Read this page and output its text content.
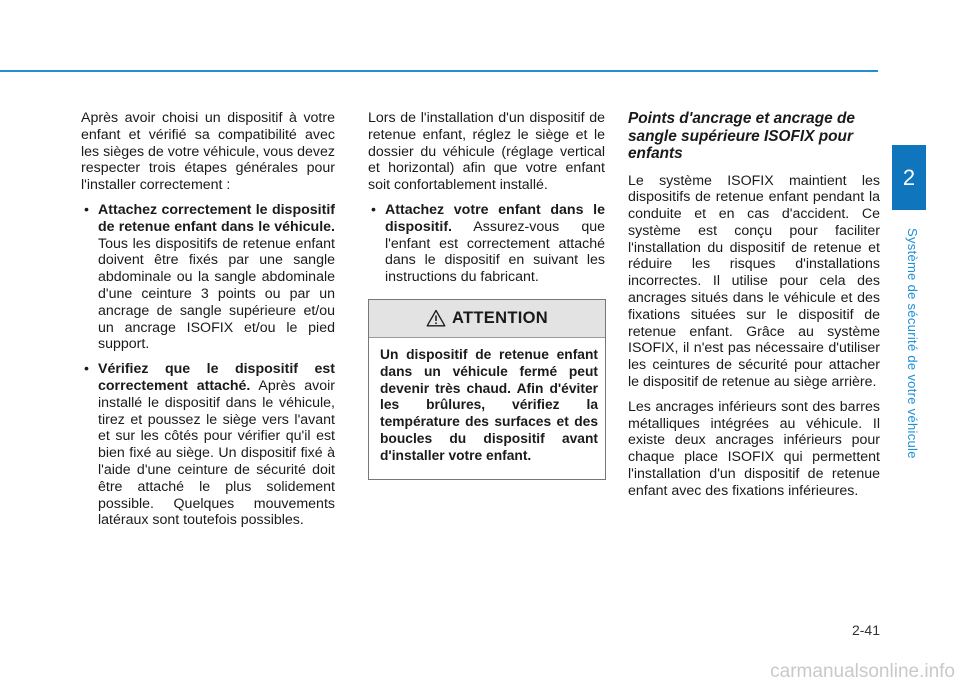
2
Système de sécurité de votre véhicule

Après avoir choisi un dispositif à votre enfant et vérifié sa compatibilité avec les sièges de votre véhicule, vous devez respecter trois étapes générales pour l'installer correctement :

• Attachez correctement le dispositif de retenue enfant dans le véhicule. Tous les dispositifs de retenue enfant doivent être fixés par une sangle abdominale ou la sangle abdominale d'une ceinture 3 points ou par un ancrage de sangle supérieure et/ou un ancrage ISOFIX et/ou le pied support.
• Vérifiez que le dispositif est correctement attaché. Après avoir installé le dispositif dans le véhicule, tirez et poussez le siège vers l'avant et sur les côtés pour vérifier qu'il est bien fixé au siège. Un dispositif fixé à l'aide d'une ceinture de sécurité doit être attaché le plus solidement possible. Quelques mouvements latéraux sont toutefois possibles.

Lors de l'installation d'un dispositif de retenue enfant, réglez le siège et le dossier du véhicule (réglage vertical et horizontal) afin que votre enfant soit confortablement installé.

• Attachez votre enfant dans le dispositif. Assurez-vous que l'enfant est correctement attaché dans le dispositif en suivant les instructions du fabricant.
ATTENTION
Un dispositif de retenue enfant dans un véhicule fermé peut devenir très chaud. Afin d'éviter les brûlures, vérifiez la température des surfaces et des boucles du dispositif avant d'installer votre enfant.
Points d'ancrage et ancrage de sangle supérieure ISOFIX pour enfants

Le système ISOFIX maintient les dispositifs de retenue enfant pendant la conduite et en cas d'accident. Ce système est conçu pour faciliter l'installation du dispositif de retenue et réduire les risques d'installations incorrectes. Il utilise pour cela des ancrages situés dans le véhicule et des fixations situées sur le dispositif de retenue enfant. Grâce au système ISOFIX, il n'est pas nécessaire d'utiliser les ceintures de sécurité pour attacher le dispositif de retenue au siège arrière.

Les ancrages inférieurs sont des barres métalliques intégrées au véhicule. Il existe deux ancrages inférieurs pour chaque place ISOFIX qui permettent l'installation d'un dispositif de retenue enfant avec des fixations inférieures.

2-41
carmanualsonline.info
